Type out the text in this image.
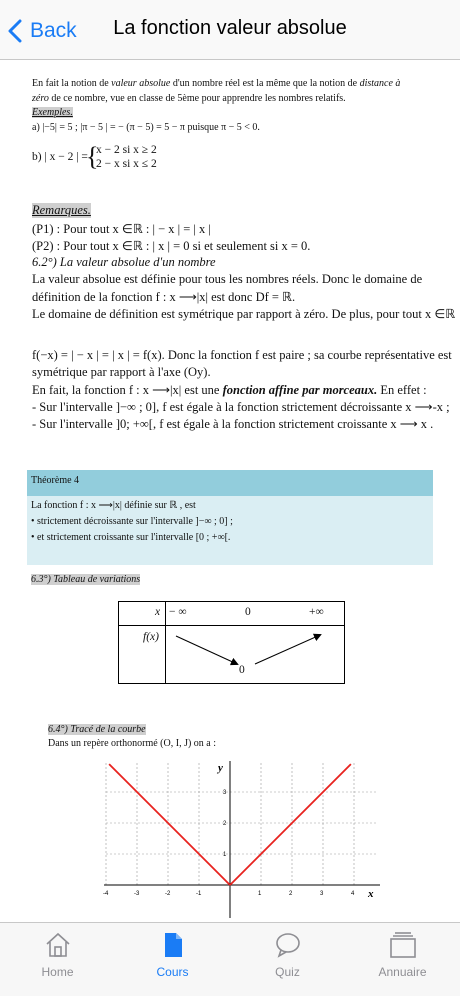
Back	La fonction valeur absolue
En fait la notion de valeur absolue d'un nombre réel est la même que la notion de distance à
zéro de ce nombre, vue en classe de 5ème pour apprendre les nombres relatifs.
Exemples.
a) |−5| = 5 ; |π − 5 | = − (π − 5) = 5 − π puisque π − 5 < 0.
b) | x − 2 | =
{
x − 2 si x ≥ 2
2 − x si x ≤ 2
Remarques.
(P1) : Pour tout x ∈ℝ : | − x | = | x |
(P2) : Pour tout x ∈ℝ : | x | = 0 si et seulement si x = 0.
6.2°) La valeur absolue d'un nombre
La valeur absolue est définie pour tous les nombres réels. Donc le domaine de
définition de la fonction f : x ⟶|x| est donc Df = ℝ.
Le domaine de définition est symétrique par rapport à zéro. De plus, pour tout x ∈ℝ
f(−x) = | − x | = | x | = f(x). Donc la fonction f est paire ; sa courbe représentative est
symétrique par rapport à l'axe (Oy).
En fait, la fonction f : x ⟶|x| est une fonction affine par morceaux. En effet :
- Sur l'intervalle ]−∞ ; 0], f est égale à la fonction strictement décroissante x ⟶-x ;
- Sur l'intervalle ]0; +∞[, f est égale à la fonction strictement croissante x ⟶ x .
Théorème 4
La fonction f : x ⟶|x| définie sur ℝ , est
• strictement décroissante sur l'intervalle ]−∞ ; 0] ;
• et strictement croissante sur l'intervalle [0 ; +∞[.
6.3°) Tableau de variations
x − ∞	0	+∞
f(x)
0
6.4°) Tracé de la courbe
Dans un repère orthonormé (O, I, J) on a :
-4	-3	-2	-1	1	2	3	4
1
2
3
x
y
Home	Cours	Quiz	Annuaire
